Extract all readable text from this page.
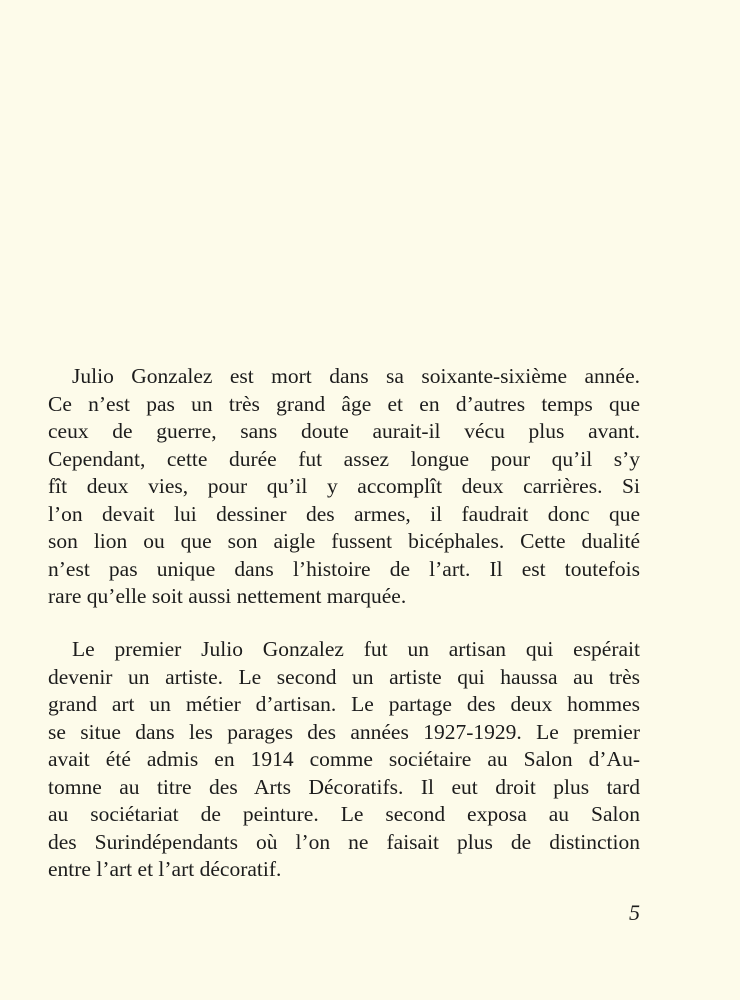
Julio Gonzalez est mort dans sa soixante-sixième année.
Ce n’est pas un très grand âge et en d’autres temps que
ceux de guerre, sans doute aurait-il vécu plus avant.
Cependant, cette durée fut assez longue pour qu’il s’y
fît deux vies, pour qu’il y accomplît deux carrières. Si
l’on devait lui dessiner des armes, il faudrait donc que
son lion ou que son aigle fussent bicéphales. Cette dualité
n’est pas unique dans l’histoire de l’art. Il est toutefois
rare qu’elle soit aussi nettement marquée.
Le premier Julio Gonzalez fut un artisan qui espérait
devenir un artiste. Le second un artiste qui haussa au très
grand art un métier d’artisan. Le partage des deux hommes
se situe dans les parages des années 1927-1929. Le premier
avait été admis en 1914 comme sociétaire au Salon d’Au-
tomne au titre des Arts Décoratifs. Il eut droit plus tard
au sociétariat de peinture. Le second exposa au Salon
des Surindépendants où l’on ne faisait plus de distinction
entre l’art et l’art décoratif.
5
